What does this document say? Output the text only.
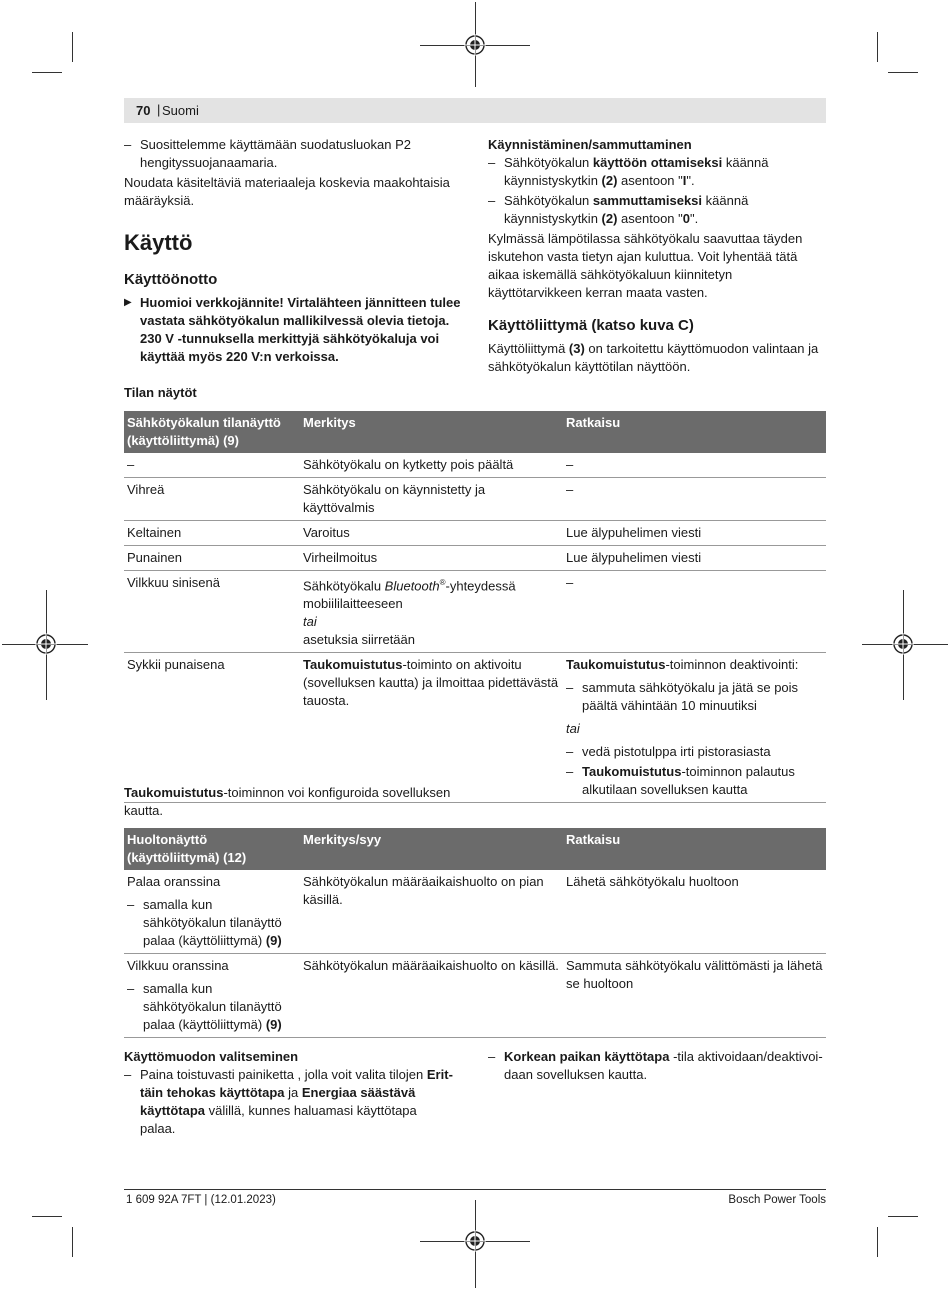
70 | Suomi

– Suosittelemme käyttämään suodatusluokan P2 hengityssuojanaamaria.

Noudata käsiteltäviä materiaaleja koskevia maakohtaisia määräyksiä.

Käyttö

Käyttöönotto

▶ Huomioi verkkojännite! Virtalähteen jännitteen tulee vastata sähkötyökalun mallikilvessä olevia tietoja. 230 V -tunnuksella merkittyjä sähkötyökaluja voi käyttää myös 220 V:n verkoissa.

Tilan näytöt

Käynnistäminen/sammuttaminen

– Sähkötyökalun käyttöön ottamiseksi käännä käynnistyskytkin (2) asentoon "I".

– Sähkötyökalun sammuttamiseksi käännä käynnistyskytkin (2) asentoon "0".

Kylmässä lämpötilassa sähkötyökalu saavuttaa täyden iskutehon vasta tietyn ajan kuluttua. Voit lyhentää tätä aikaa iskemällä sähkötyökaluun kiinnitetyn käyttötarvikkeen kerran maata vasten.

Käyttöliittymä (katso kuva C)

Käyttöliittymä (3) on tarkoitettu käyttömuodon valintaan ja sähkötyökalun käyttötilan näyttöön.

Sähkötyökalun tilanäyttö (käyttöliittymä) (9)	Merkitys	Ratkaisu
–	Sähkötyökalu on kytketty pois päältä	–
Vihreä	Sähkötyökalu on käynnistetty ja käyttövalmis	–
Keltainen	Varoitus	Lue älypuhelimen viesti
Punainen	Virheilmoitus	Lue älypuhelimen viesti
Vilkkuu sinisenä	Sähkötyökalu Bluetooth®-yhteydessä mobiililaitteeseen
tai
asetuksia siirretään	–
Sykkii punaisena	Taukomuistutus-toiminto on aktivoitu (sovelluksen kautta) ja ilmoittaa pidettävästä tauosta.	Taukomuistutus-toiminnon deaktivointi:

– sammuta sähkötyökalu ja jätä se pois päältä vähintään 10 minuutiksi

tai

– vedä pistotulppa irti pistorasiasta

– Taukomuistutus-toiminnon palautus alkutilaan sovelluksen kautta

Taukomuistutus-toiminnon voi konfiguroida sovelluksen kautta.

Huoltonäyttö (käyttöliittymä) (12)	Merkitys/syy	Ratkaisu

Palaa oranssina

– samalla kun sähkötyökalun tilanäyttö palaa (käyttöliittymä) (9)	Sähkötyökalun määräaikaishuolto on pian käsillä.	Lähetä sähkötyökalu huoltoon

Vilkkuu oranssina

– samalla kun sähkötyökalun tilanäyttö palaa (käyttöliittymä) (9)	Sähkötyökalun määräaikaishuolto on käsillä.	Sammuta sähkötyökalu välittömästi ja lähetä se huoltoon

Käyttömuodon valitseminen

– Paina toistuvasti painiketta , jolla voit valita tilojen Erittäin tehokas käyttötapa ja Energiaa säästävä käyttötapa välillä, kunnes haluamasi käyttötapa palaa.

– Korkean paikan käyttötapa -tila aktivoidaan/deaktivoidaan sovelluksen kautta.

1 609 92A 7FT | (12.01.2023)	Bosch Power Tools
